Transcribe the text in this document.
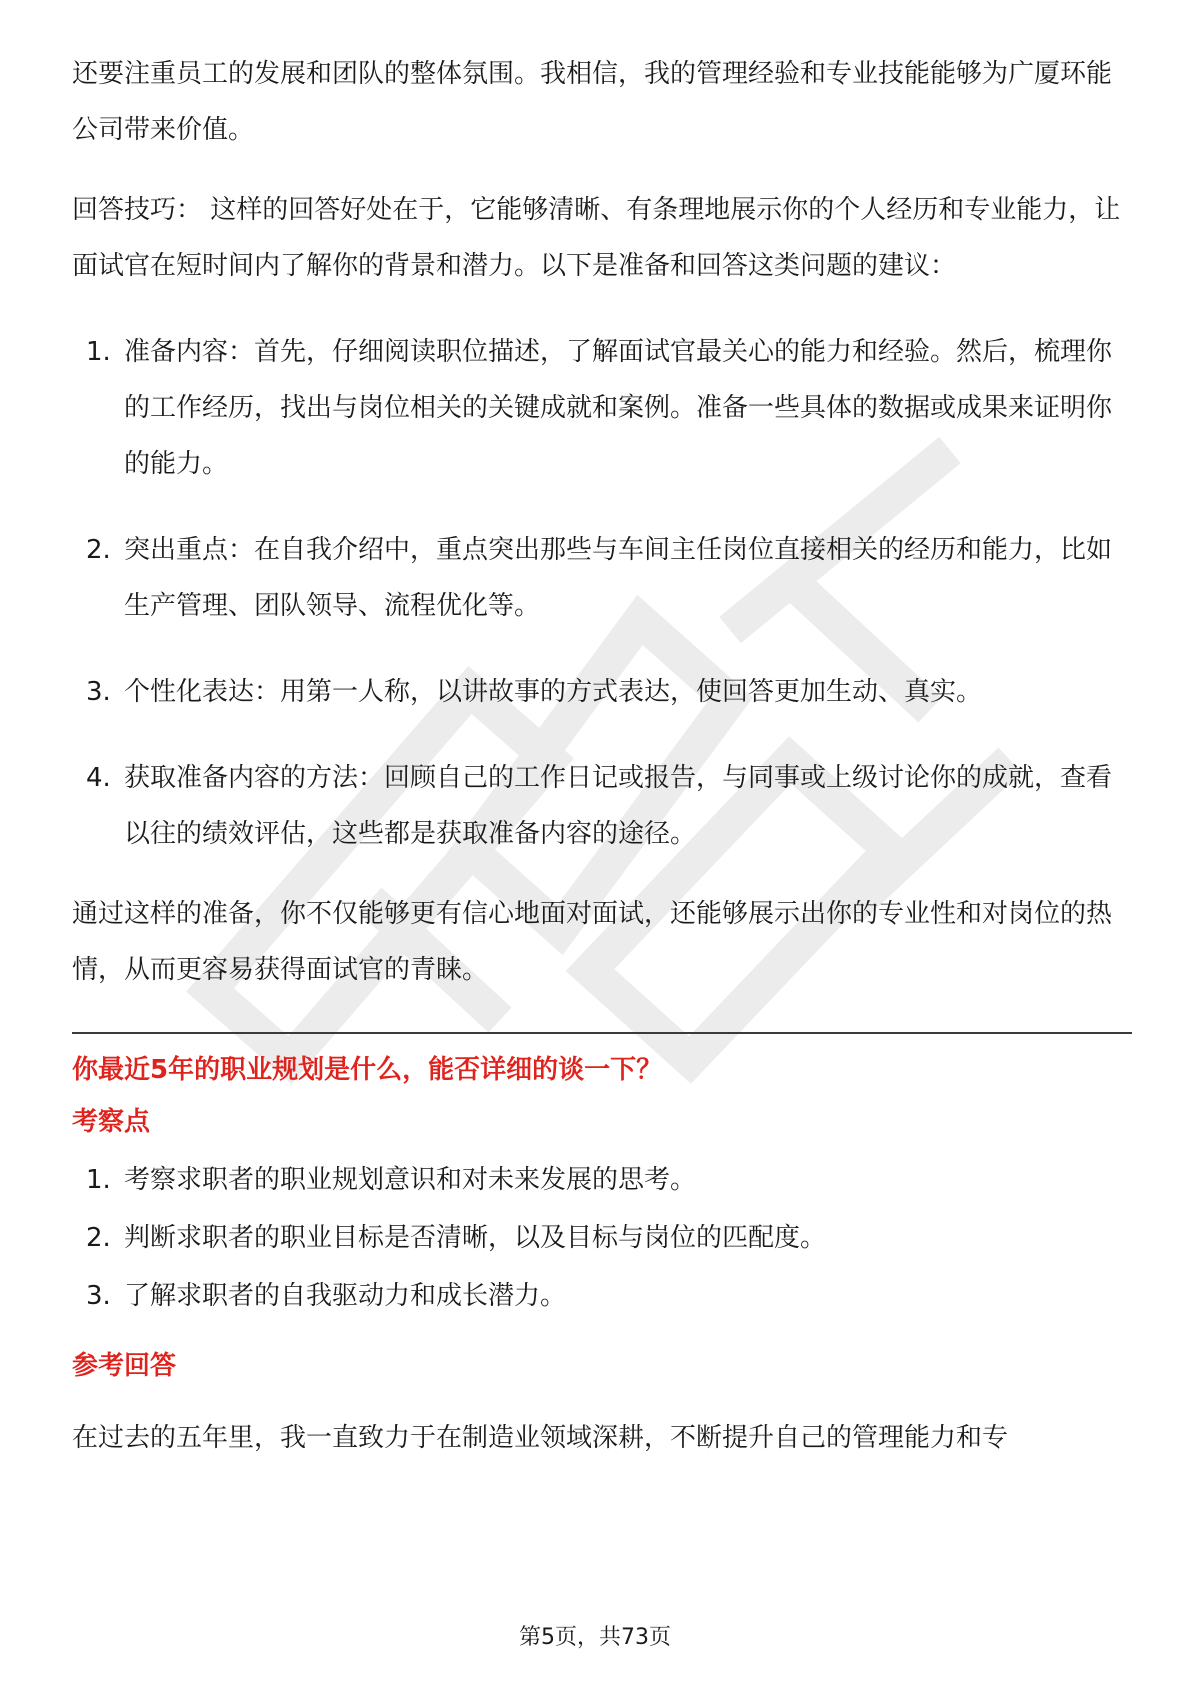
还要注重员工的发展和团队的整体氛围。我相信，我的管理经验和专业技能能够为广厦环能公司带来价值。

回答技巧： 这样的回答好处在于，它能够清晰、有条理地展示你的个人经历和专业能力，让面试官在短时间内了解你的背景和潜力。以下是准备和回答这类问题的建议：

1. 准备内容：首先，仔细阅读职位描述，了解面试官最关心的能力和经验。然后，梳理你的工作经历，找出与岗位相关的关键成就和案例。准备一些具体的数据或成果来证明你的能力。
2. 突出重点：在自我介绍中，重点突出那些与车间主任岗位直接相关的经历和能力，比如生产管理、团队领导、流程优化等。
3. 个性化表达：用第一人称，以讲故事的方式表达，使回答更加生动、真实。
4. 获取准备内容的方法：回顾自己的工作日记或报告，与同事或上级讨论你的成就，查看以往的绩效评估，这些都是获取准备内容的途径。

通过这样的准备，你不仅能够更有信心地面对面试，还能够展示出你的专业性和对岗位的热情，从而更容易获得面试官的青睐。

你最近5年的职业规划是什么，能否详细的谈一下？

考察点

1. 考察求职者的职业规划意识和对未来发展的思考。
2. 判断求职者的职业目标是否清晰，以及目标与岗位的匹配度。
3. 了解求职者的自我驱动力和成长潜力。

参考回答

在过去的五年里，我一直致力于在制造业领域深耕，不断提升自己的管理能力和专

第5页，共73页
